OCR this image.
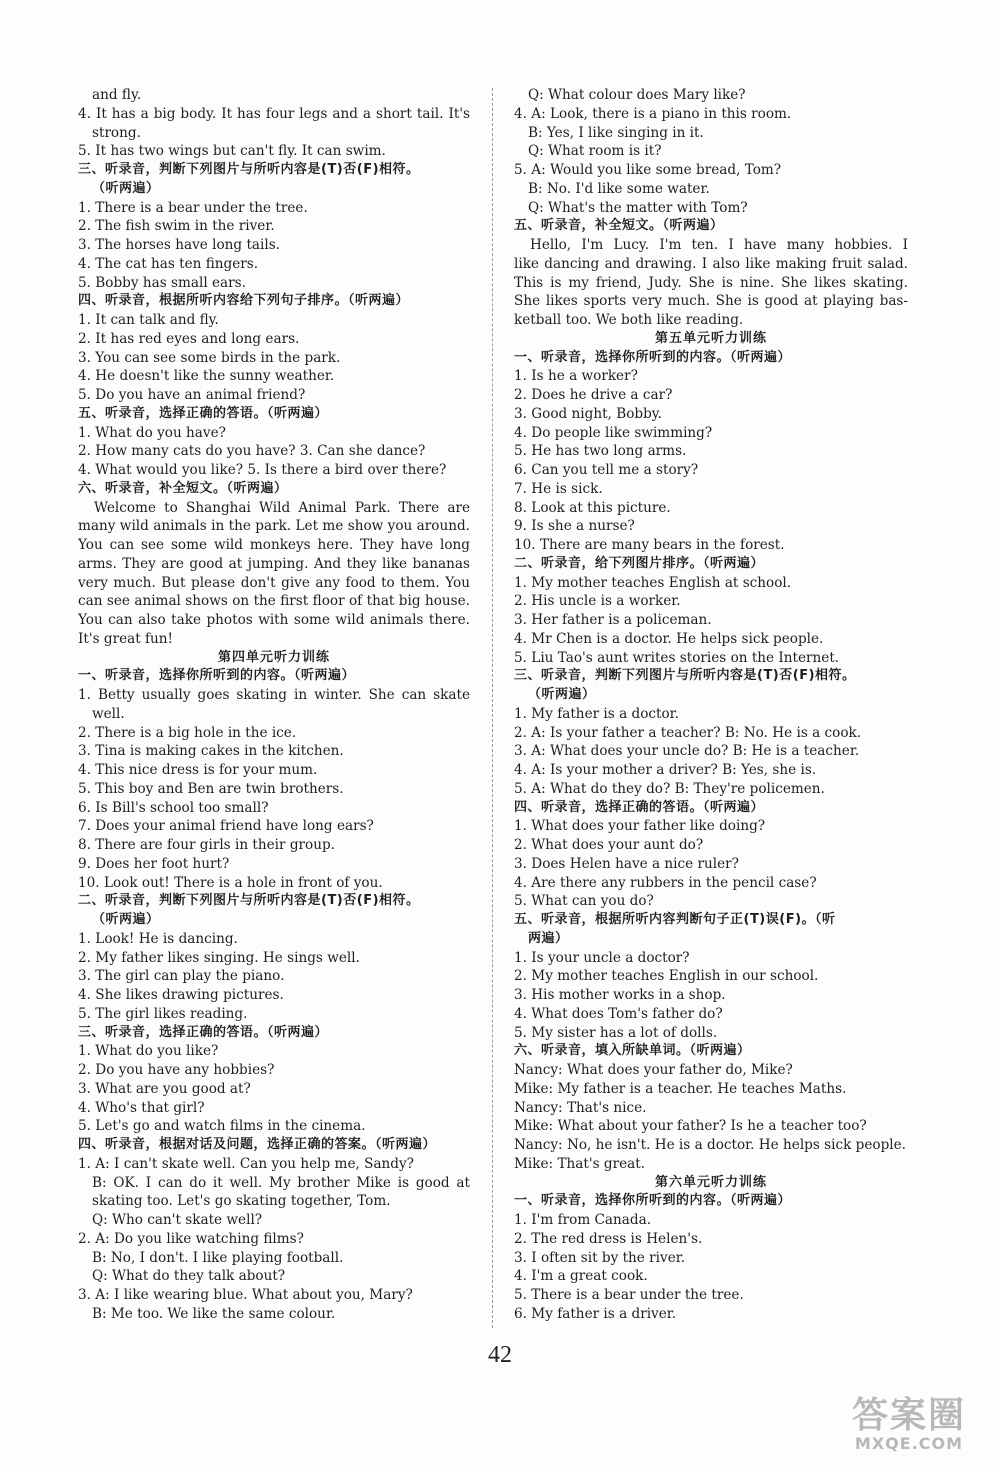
and fly.
4. It has a big body. It has four legs and a short tail. It's
strong.
5. It has two wings but can't fly. It can swim.
三、听录音，判断下列图片与所听内容是(T)否(F)相符。
（听两遍）
1. There is a bear under the tree.
2. The fish swim in the river.
3. The horses have long tails.
4. The cat has ten fingers.
5. Bobby has small ears.
四、听录音，根据所听内容给下列句子排序。（听两遍）
1. It can talk and fly.
2. It has red eyes and long ears.
3. You can see some birds in the park.
4. He doesn't like the sunny weather.
5. Do you have an animal friend?
五、听录音，选择正确的答语。（听两遍）
1. What do you have?
2. How many cats do you have? 3. Can she dance?
4. What would you like? 5. Is there a bird over there?
六、听录音，补全短文。（听两遍）
Welcome to Shanghai Wild Animal Park. There are
many wild animals in the park. Let me show you around.
You can see some wild monkeys here. They have long
arms. They are good at jumping. And they like bananas
very much. But please don't give any food to them. You
can see animal shows on the first floor of that big house.
You can also take photos with some wild animals there.
It's great fun!
第四单元听力训练
一、听录音，选择你所听到的内容。（听两遍）
1. Betty usually goes skating in winter. She can skate
well.
2. There is a big hole in the ice.
3. Tina is making cakes in the kitchen.
4. This nice dress is for your mum.
5. This boy and Ben are twin brothers.
6. Is Bill's school too small?
7. Does your animal friend have long ears?
8. There are four girls in their group.
9. Does her foot hurt?
10. Look out! There is a hole in front of you.
二、听录音，判断下列图片与所听内容是(T)否(F)相符。
（听两遍）
1. Look! He is dancing.
2. My father likes singing. He sings well.
3. The girl can play the piano.
4. She likes drawing pictures.
5. The girl likes reading.
三、听录音，选择正确的答语。（听两遍）
1. What do you like?
2. Do you have any hobbies?
3. What are you good at?
4. Who's that girl?
5. Let's go and watch films in the cinema.
四、听录音，根据对话及问题，选择正确的答案。（听两遍）
1. A: I can't skate well. Can you help me, Sandy?
B: OK. I can do it well. My brother Mike is good at
skating too. Let's go skating together, Tom.
Q: Who can't skate well?
2. A: Do you like watching films?
B: No, I don't. I like playing football.
Q: What do they talk about?
3. A: I like wearing blue. What about you, Mary?
B: Me too. We like the same colour.
Q: What colour does Mary like?
4. A: Look, there is a piano in this room.
B: Yes, I like singing in it.
Q: What room is it?
5. A: Would you like some bread, Tom?
B: No. I'd like some water.
Q: What's the matter with Tom?
五、听录音，补全短文。（听两遍）
Hello, I'm Lucy. I'm ten. I have many hobbies. I
like dancing and drawing. I also like making fruit salad.
This is my friend, Judy. She is nine. She likes skating.
She likes sports very much. She is good at playing bas-
ketball too. We both like reading.
第五单元听力训练
一、听录音，选择你所听到的内容。（听两遍）
1. Is he a worker?
2. Does he drive a car?
3. Good night, Bobby.
4. Do people like swimming?
5. He has two long arms.
6. Can you tell me a story?
7. He is sick.
8. Look at this picture.
9. Is she a nurse?
10. There are many bears in the forest.
二、听录音，给下列图片排序。（听两遍）
1. My mother teaches English at school.
2. His uncle is a worker.
3. Her father is a policeman.
4. Mr Chen is a doctor. He helps sick people.
5. Liu Tao's aunt writes stories on the Internet.
三、听录音，判断下列图片与所听内容是(T)否(F)相符。
（听两遍）
1. My father is a doctor.
2. A: Is your father a teacher? B: No. He is a cook.
3. A: What does your uncle do? B: He is a teacher.
4. A: Is your mother a driver? B: Yes, she is.
5. A: What do they do? B: They're policemen.
四、听录音，选择正确的答语。（听两遍）
1. What does your father like doing?
2. What does your aunt do?
3. Does Helen have a nice ruler?
4. Are there any rubbers in the pencil case?
5. What can you do?
五、听录音，根据所听内容判断句子正(T)误(F)。（听
两遍）
1. Is your uncle a doctor?
2. My mother teaches English in our school.
3. His mother works in a shop.
4. What does Tom's father do?
5. My sister has a lot of dolls.
六、听录音，填入所缺单词。（听两遍）
Nancy: What does your father do, Mike?
Mike: My father is a teacher. He teaches Maths.
Nancy: That's nice.
Mike: What about your father? Is he a teacher too?
Nancy: No, he isn't. He is a doctor. He helps sick people.
Mike: That's great.
第六单元听力训练
一、听录音，选择你所听到的内容。（听两遍）
1. I'm from Canada.
2. The red dress is Helen's.
3. I often sit by the river.
4. I'm a great cook.
5. There is a bear under the tree.
6. My father is a driver.
42
答案圈
MXQE.COM
